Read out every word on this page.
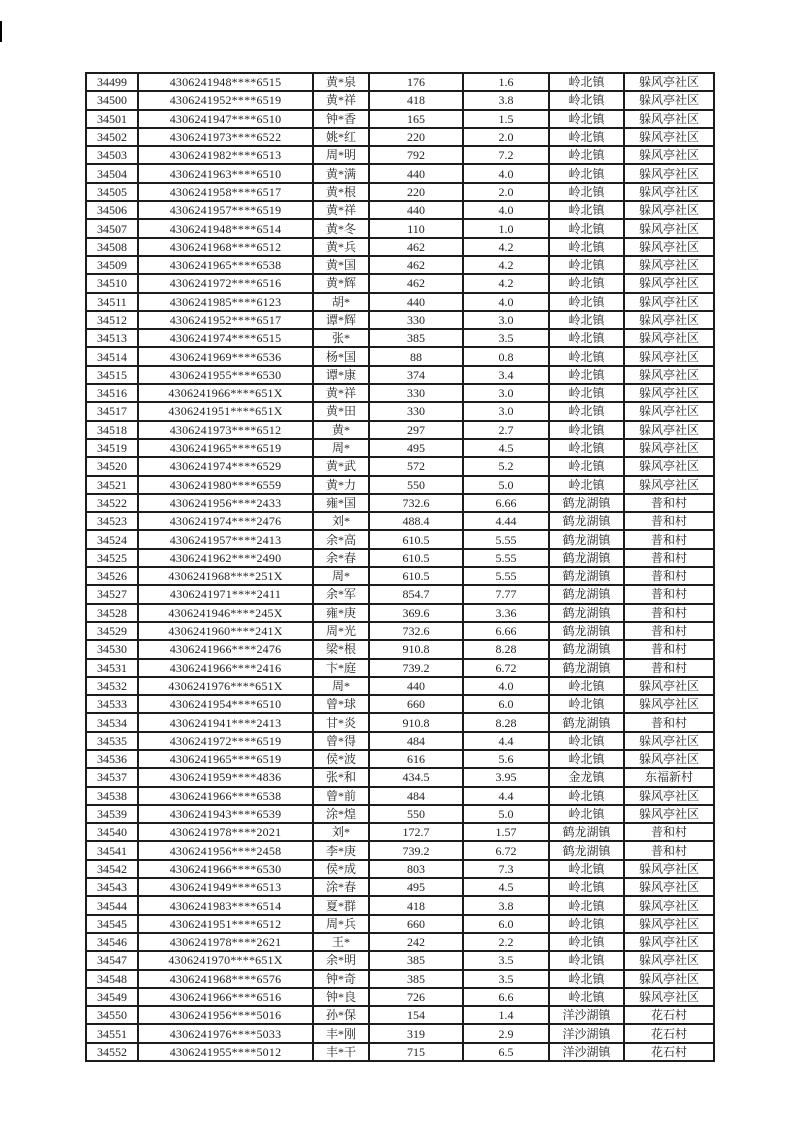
34499	4306241948****6515	黄*泉	176	1.6	岭北镇	躲风亭社区
34500	4306241952****6519	黄*祥	418	3.8	岭北镇	躲风亭社区
34501	4306241947****6510	钟*香	165	1.5	岭北镇	躲风亭社区
34502	4306241973****6522	姚*红	220	2.0	岭北镇	躲风亭社区
34503	4306241982****6513	周*明	792	7.2	岭北镇	躲风亭社区
34504	4306241963****6510	黄*满	440	4.0	岭北镇	躲风亭社区
34505	4306241958****6517	黄*根	220	2.0	岭北镇	躲风亭社区
34506	4306241957****6519	黄*祥	440	4.0	岭北镇	躲风亭社区
34507	4306241948****6514	黄*冬	110	1.0	岭北镇	躲风亭社区
34508	4306241968****6512	黄*兵	462	4.2	岭北镇	躲风亭社区
34509	4306241965****6538	黄*国	462	4.2	岭北镇	躲风亭社区
34510	4306241972****6516	黄*辉	462	4.2	岭北镇	躲风亭社区
34511	4306241985****6123	胡*	440	4.0	岭北镇	躲风亭社区
34512	4306241952****6517	谭*辉	330	3.0	岭北镇	躲风亭社区
34513	4306241974****6515	张*	385	3.5	岭北镇	躲风亭社区
34514	4306241969****6536	杨*国	88	0.8	岭北镇	躲风亭社区
34515	4306241955****6530	谭*康	374	3.4	岭北镇	躲风亭社区
34516	4306241966****651X	黄*祥	330	3.0	岭北镇	躲风亭社区
34517	4306241951****651X	黄*田	330	3.0	岭北镇	躲风亭社区
34518	4306241973****6512	黄*	297	2.7	岭北镇	躲风亭社区
34519	4306241965****6519	周*	495	4.5	岭北镇	躲风亭社区
34520	4306241974****6529	黄*武	572	5.2	岭北镇	躲风亭社区
34521	4306241980****6559	黄*力	550	5.0	岭北镇	躲风亭社区
34522	4306241956****2433	雍*国	732.6	6.66	鹤龙湖镇	普和村
34523	4306241974****2476	刘*	488.4	4.44	鹤龙湖镇	普和村
34524	4306241957****2413	余*高	610.5	5.55	鹤龙湖镇	普和村
34525	4306241962****2490	余*春	610.5	5.55	鹤龙湖镇	普和村
34526	4306241968****251X	周*	610.5	5.55	鹤龙湖镇	普和村
34527	4306241971****2411	余*军	854.7	7.77	鹤龙湖镇	普和村
34528	4306241946****245X	雍*庚	369.6	3.36	鹤龙湖镇	普和村
34529	4306241960****241X	周*光	732.6	6.66	鹤龙湖镇	普和村
34530	4306241966****2476	梁*根	910.8	8.28	鹤龙湖镇	普和村
34531	4306241966****2416	卞*庭	739.2	6.72	鹤龙湖镇	普和村
34532	4306241976****651X	周*	440	4.0	岭北镇	躲风亭社区
34533	4306241954****6510	曾*球	660	6.0	岭北镇	躲风亭社区
34534	4306241941****2413	甘*炎	910.8	8.28	鹤龙湖镇	普和村
34535	4306241972****6519	曾*得	484	4.4	岭北镇	躲风亭社区
34536	4306241965****6519	侯*波	616	5.6	岭北镇	躲风亭社区
34537	4306241959****4836	张*和	434.5	3.95	金龙镇	东福新村
34538	4306241966****6538	曾*前	484	4.4	岭北镇	躲风亭社区
34539	4306241943****6539	涂*煌	550	5.0	岭北镇	躲风亭社区
34540	4306241978****2021	刘*	172.7	1.57	鹤龙湖镇	普和村
34541	4306241956****2458	李*庚	739.2	6.72	鹤龙湖镇	普和村
34542	4306241966****6530	侯*成	803	7.3	岭北镇	躲风亭社区
34543	4306241949****6513	涂*春	495	4.5	岭北镇	躲风亭社区
34544	4306241983****6514	夏*群	418	3.8	岭北镇	躲风亭社区
34545	4306241951****6512	周*兵	660	6.0	岭北镇	躲风亭社区
34546	4306241978****2621	王*	242	2.2	岭北镇	躲风亭社区
34547	4306241970****651X	余*明	385	3.5	岭北镇	躲风亭社区
34548	4306241968****6576	钟*奇	385	3.5	岭北镇	躲风亭社区
34549	4306241966****6516	钟*良	726	6.6	岭北镇	躲风亭社区
34550	4306241956****5016	孙*保	154	1.4	洋沙湖镇	花石村
34551	4306241976****5033	丰*刚	319	2.9	洋沙湖镇	花石村
34552	4306241955****5012	丰*干	715	6.5	洋沙湖镇	花石村
